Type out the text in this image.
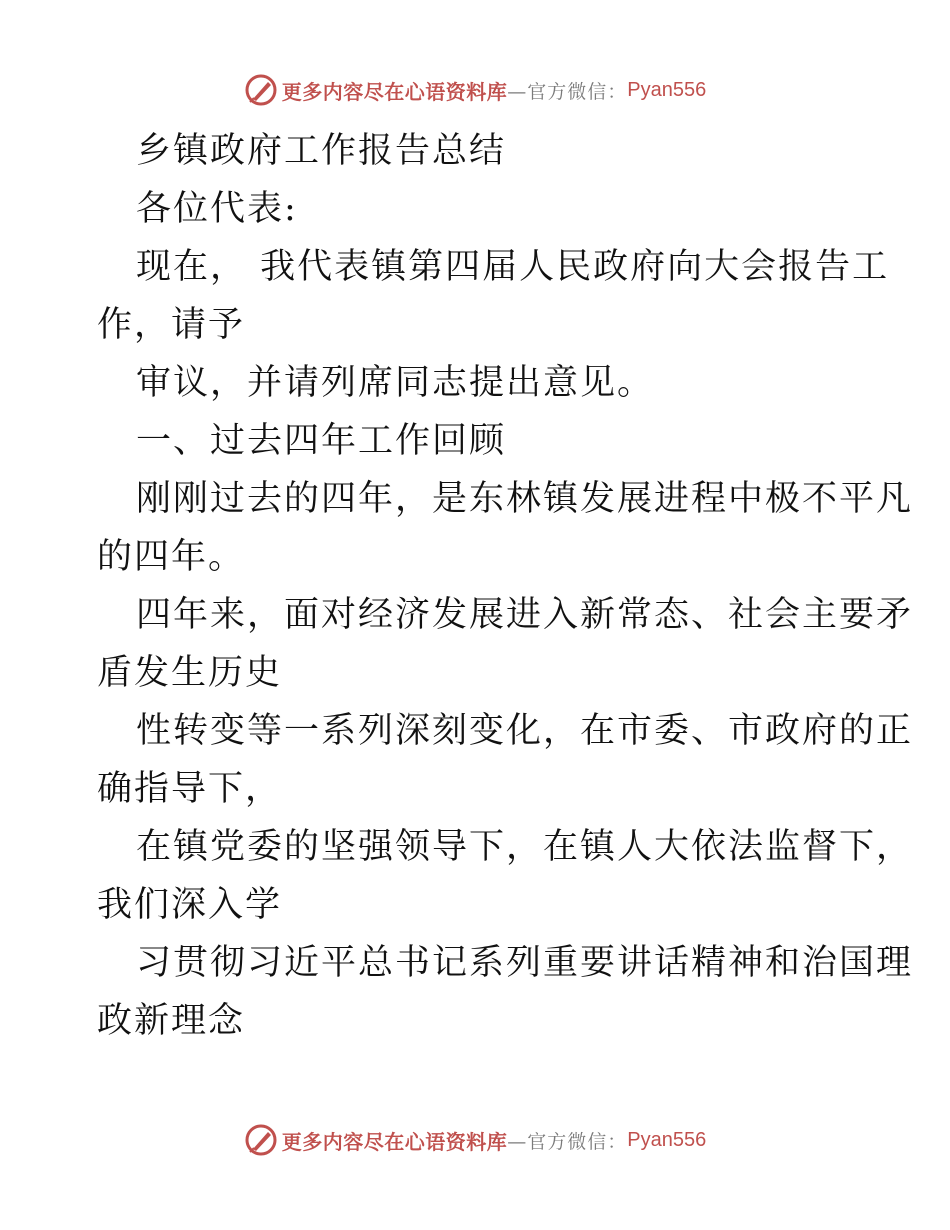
更多内容尽在心语资料库 —官方微信： Pyan556

乡镇政府工作报告总结

各位代表:

现在， 我代表镇第四届人民政府向大会报告工

作，请予

审议，并请列席同志提出意见。

一、过去四年工作回顾

刚刚过去的四年，是东林镇发展进程中极不平凡

的四年。

四年来，面对经济发展进入新常态、社会主要矛

盾发生历史

性转变等一系列深刻变化，在市委、市政府的正

确指导下，

在镇党委的坚强领导下，在镇人大依法监督下，

我们深入学

习贯彻习近平总书记系列重要讲话精神和治国理

政新理念

更多内容尽在心语资料库 —官方微信： Pyan556
